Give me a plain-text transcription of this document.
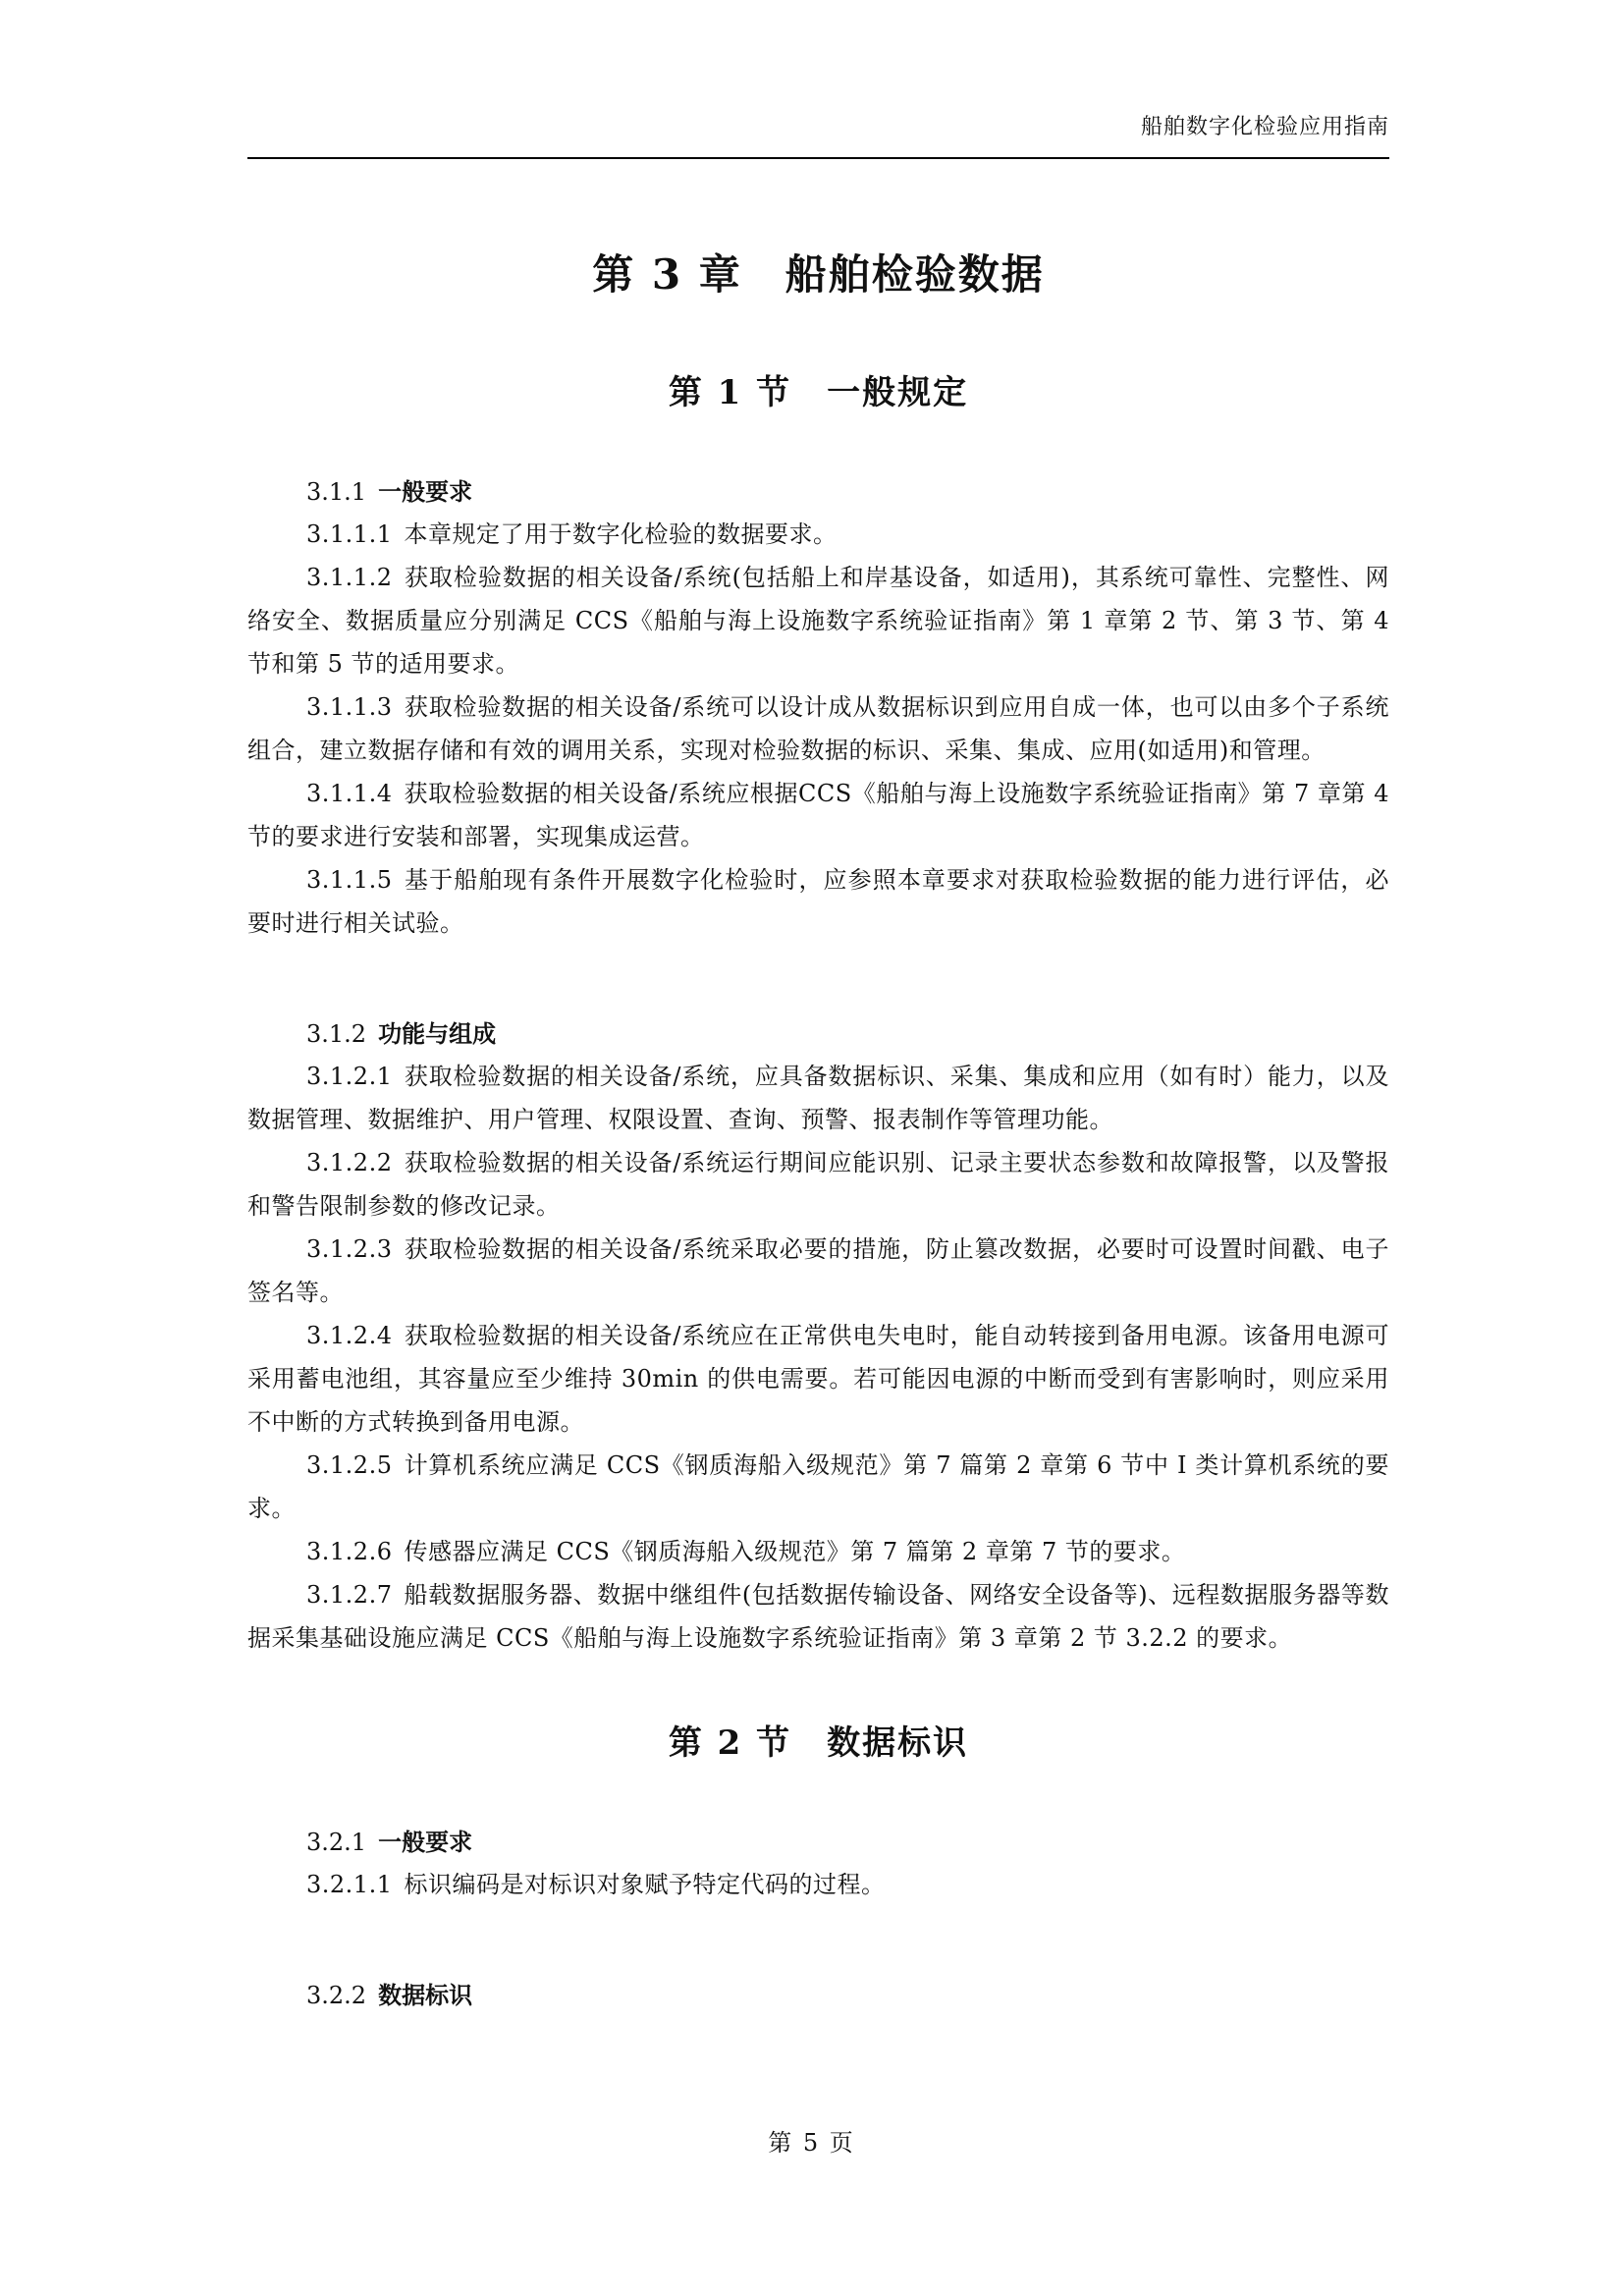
船舶数字化检验应用指南
第 3 章　船舶检验数据
第 1 节　一般规定
3.1.1 一般要求

3.1.1.1 本章规定了用于数字化检验的数据要求。

3.1.1.2 获取检验数据的相关设备/系统(包括船上和岸基设备，如适用)，其系统可靠性、完整性、网络安全、数据质量应分别满足 CCS《船舶与海上设施数字系统验证指南》第 1 章第 2 节、第 3 节、第 4 节和第 5 节的适用要求。

3.1.1.3 获取检验数据的相关设备/系统可以设计成从数据标识到应用自成一体，也可以由多个子系统组合，建立数据存储和有效的调用关系，实现对检验数据的标识、采集、集成、应用(如适用)和管理。

3.1.1.4 获取检验数据的相关设备/系统应根据CCS《船舶与海上设施数字系统验证指南》第 7 章第 4 节的要求进行安装和部署，实现集成运营。

3.1.1.5 基于船舶现有条件开展数字化检验时，应参照本章要求对获取检验数据的能力进行评估，必要时进行相关试验。

3.1.2 功能与组成

3.1.2.1 获取检验数据的相关设备/系统，应具备数据标识、采集、集成和应用（如有时）能力，以及数据管理、数据维护、用户管理、权限设置、查询、预警、报表制作等管理功能。

3.1.2.2 获取检验数据的相关设备/系统运行期间应能识别、记录主要状态参数和故障报警，以及警报和警告限制参数的修改记录。

3.1.2.3 获取检验数据的相关设备/系统采取必要的措施，防止篡改数据，必要时可设置时间戳、电子签名等。

3.1.2.4 获取检验数据的相关设备/系统应在正常供电失电时，能自动转接到备用电源。该备用电源可采用蓄电池组，其容量应至少维持 30min 的供电需要。若可能因电源的中断而受到有害影响时，则应采用不中断的方式转换到备用电源。

3.1.2.5 计算机系统应满足 CCS《钢质海船入级规范》第 7 篇第 2 章第 6 节中 I 类计算机系统的要求。

3.1.2.6 传感器应满足 CCS《钢质海船入级规范》第 7 篇第 2 章第 7 节的要求。

3.1.2.7 船载数据服务器、数据中继组件(包括数据传输设备、网络安全设备等)、远程数据服务器等数据采集基础设施应满足 CCS《船舶与海上设施数字系统验证指南》第 3 章第 2 节 3.2.2 的要求。

第 2 节　数据标识
3.2.1 一般要求

3.2.1.1 标识编码是对标识对象赋予特定代码的过程。

3.2.2 数据标识
第 5 页
